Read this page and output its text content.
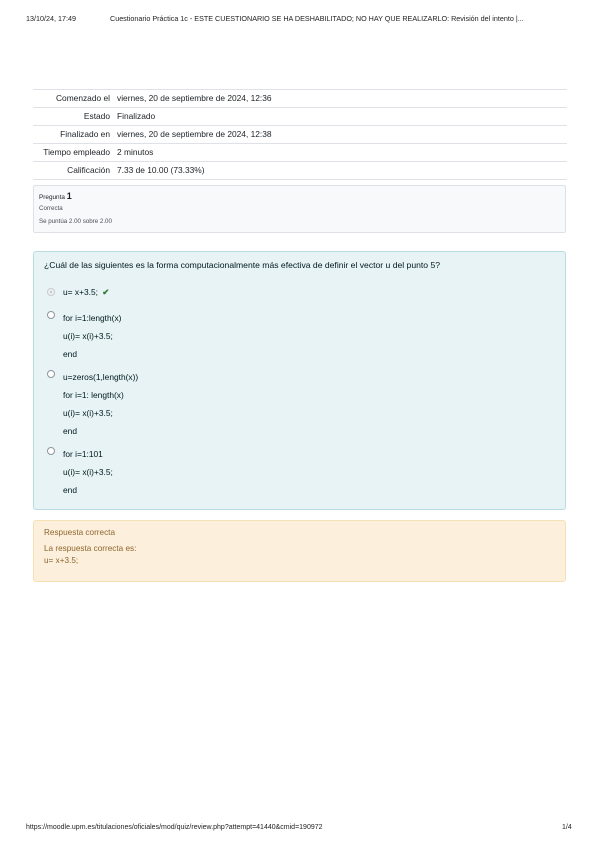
13/10/24, 17:49	Cuestionario Práctica 1c - ESTE CUESTIONARIO SE HA DESHABILITADO; NO HAY QUE REALIZARLO: Revisión del intento |...
Comenzado el viernes, 20 de septiembre de 2024, 12:36
Estado Finalizado
Finalizado en viernes, 20 de septiembre de 2024, 12:38
Tiempo empleado 2 minutos
Calificación 7.33 de 10.00 (73.33%)
Pregunta 1
Correcta
Se puntúa 2.00 sobre 2.00
¿Cuál de las siguientes es la forma computacionalmente más efectiva de definir el vector u del punto 5?
u= x+3.5; ✔
for i=1:length(x)
u(i)= x(i)+3.5;
end
u=zeros(1,length(x))
for i=1: length(x)
u(i)= x(i)+3.5;
end
for i=1:101
u(i)= x(i)+3.5;
end
Respuesta correcta
La respuesta correcta es:
u= x+3.5;
https://moodle.upm.es/titulaciones/oficiales/mod/quiz/review.php?attempt=41440&cmid=190972	1/4
